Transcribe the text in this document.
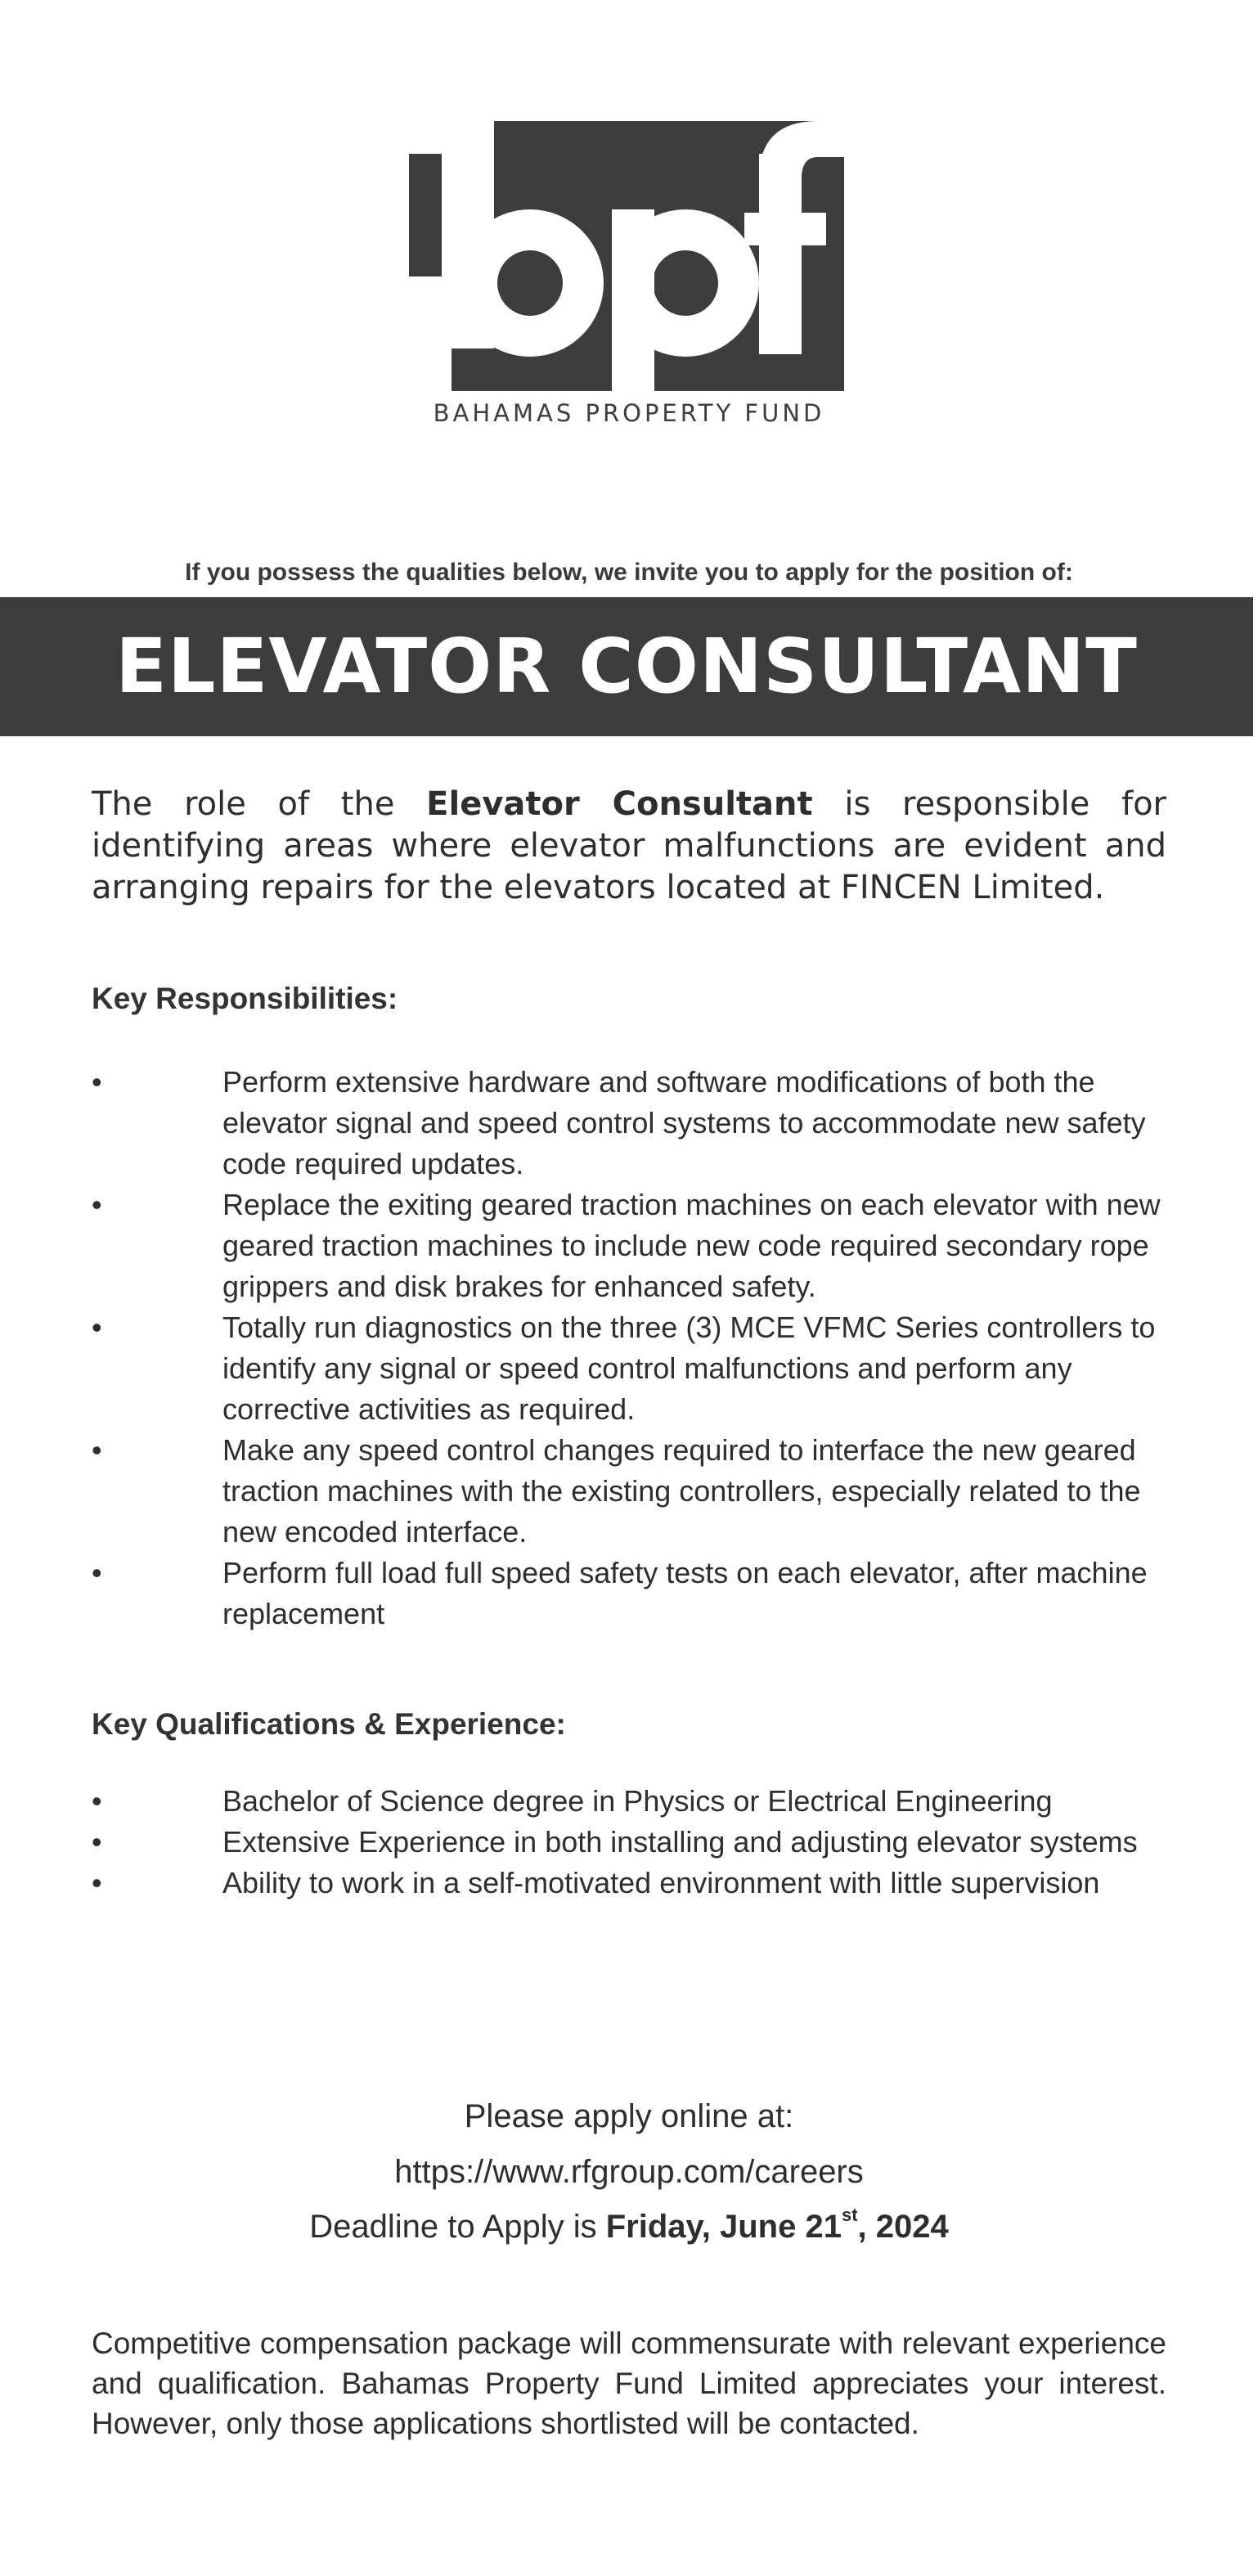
BAHAMAS PROPERTY FUND
If you possess the qualities below, we invite you to apply for the position of:
ELEVATOR CONSULTANT

The role of the Elevator Consultant is responsible for identifying areas where elevator malfunctions are evident and arranging repairs for the elevators located at FINCEN Limited.

Key Responsibilities:
•	Perform extensive hardware and software modifications of both the elevator signal and speed control systems to accommodate new safety code required updates.
•	Replace the exiting geared traction machines on each elevator with new geared traction machines to include new code required secondary rope grippers and disk brakes for enhanced safety.
•	Totally run diagnostics on the three (3) MCE VFMC Series controllers to identify any signal or speed control malfunctions and perform any corrective activities as required.
•	Make any speed control changes required to interface the new geared traction machines with the existing controllers, especially related to the new encoded interface.
•	Perform full load full speed safety tests on each elevator, after machine replacement
Key Qualifications & Experience:
•	Bachelor of Science degree in Physics or Electrical Engineering
•	Extensive Experience in both installing and adjusting elevator systems
•	Ability to work in a self-motivated environment with little supervision
Please apply online at:
https://www.rfgroup.com/careers
Deadline to Apply is Friday, June 21st, 2024

Competitive compensation package will commensurate with relevant experience and qualification. Bahamas Property Fund Limited appreciates your interest. However, only those applications shortlisted will be contacted.
